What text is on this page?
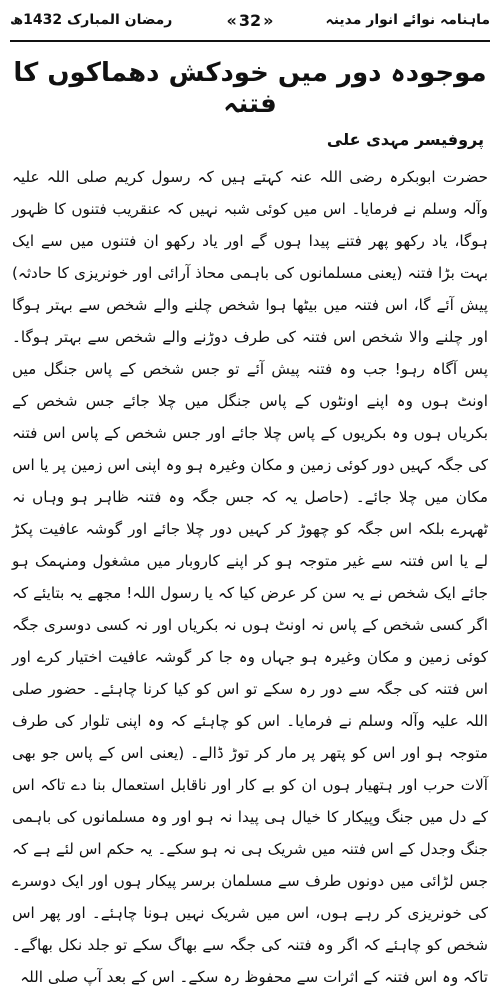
ماہنامہ نوائے انوار مدینہ
« 32 »
رمضان المبارک 1432ھ
موجودہ دور میں خودکش دھماکوں کا فتنہ
پروفیسر مہدی علی
حضرت ابوبکرہ رضی اللہ عنہ کہتے ہیں کہ رسول کریم صلی اللہ علیہ وآلہ وسلم نے فرمایا۔ اس میں کوئی شبہ نہیں کہ عنقریب فتنوں کا ظہور ہوگا، یاد رکھو پھر فتنے پیدا ہوں گے اور یاد رکھو ان فتنوں میں سے ایک بہت بڑا فتنہ (یعنی مسلمانوں کی باہمی محاذ آرائی اور خونریزی کا حادثہ) پیش آئے گا، اس فتنہ میں بیٹھا ہوا شخص چلنے والے شخص سے بہتر ہوگا اور چلنے والا شخص اس فتنہ کی طرف دوڑنے والے شخص سے بہتر ہوگا۔ پس آگاہ رہو! جب وہ فتنہ پیش آئے تو جس شخص کے پاس جنگل میں اونٹ ہوں وہ اپنے اونٹوں کے پاس جنگل میں چلا جائے جس شخص کے بکریاں ہوں وہ بکریوں کے پاس چلا جائے اور جس شخص کے پاس اس فتنہ کی جگہ کہیں دور کوئی زمین و مکان وغیرہ ہو وہ اپنی اس زمین پر یا اس مکان میں چلا جائے۔ (حاصل یہ کہ جس جگہ وہ فتنہ ظاہر ہو وہاں نہ ٹھہرے بلکہ اس جگہ کو چھوڑ کر کہیں دور چلا جائے اور گوشہ عافیت پکڑ لے یا اس فتنہ سے غیر متوجہ ہو کر اپنے کاروبار میں مشغول ومنہمک ہو جائے ایک شخص نے یہ سن کر عرض کیا کہ یا رسول اللہ! مجھے یہ بتایئے کہ اگر کسی شخص کے پاس نہ اونٹ ہوں نہ بکریاں اور نہ کسی دوسری جگہ کوئی زمین و مکان وغیرہ ہو جہاں وہ جا کر گوشہ عافیت اختیار کرے اور اس فتنہ کی جگہ سے دور رہ سکے تو اس کو کیا کرنا چاہئے۔ حضور صلی اللہ علیہ وآلہ وسلم نے فرمایا۔ اس کو چاہئے کہ وہ اپنی تلوار کی طرف متوجہ ہو اور اس کو پتھر پر مار کر توڑ ڈالے۔ (یعنی اس کے پاس جو بھی آلات حرب اور ہتھیار ہوں ان کو بے کار اور ناقابل استعمال بنا دے تاکہ اس کے دل میں جنگ وپیکار کا خیال ہی پیدا نہ ہو اور وہ مسلمانوں کی باہمی جنگ وجدل کے اس فتنہ میں شریک ہی نہ ہو سکے۔ یہ حکم اس لئے ہے کہ جس لڑائی میں دونوں طرف سے مسلمان برسر پیکار ہوں اور ایک دوسرے کی خونریزی کر رہے ہوں، اس میں شریک نہیں ہونا چاہئے۔ اور پھر اس شخص کو چاہئے کہ اگر وہ فتنہ کی جگہ سے بھاگ سکے تو جلد نکل بھاگے۔ تاکہ وہ اس فتنہ کے اثرات سے محفوظ رہ سکے۔ اس کے بعد آپ صلی اللہ
